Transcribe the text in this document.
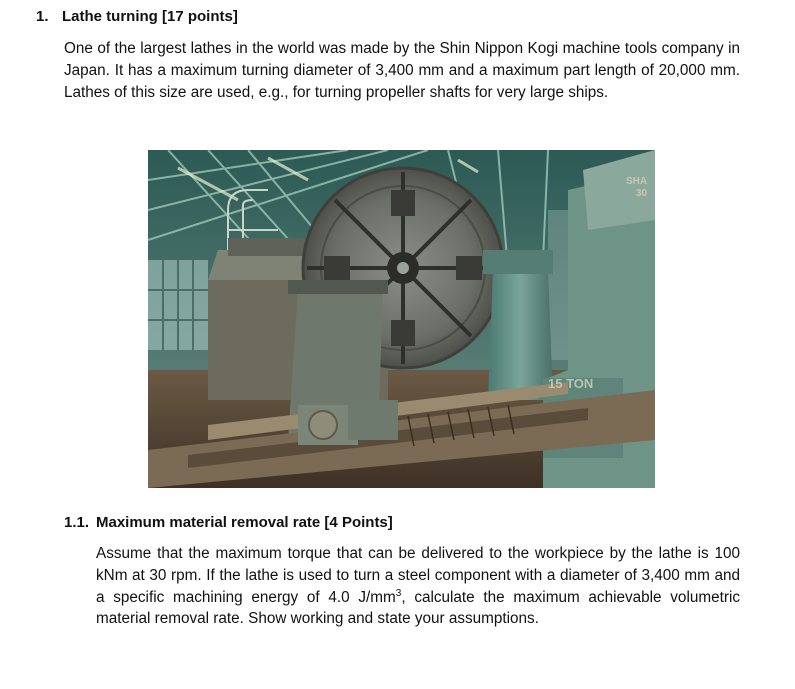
1. Lathe turning [17 points]
One of the largest lathes in the world was made by the Shin Nippon Kogi machine tools company in Japan. It has a maximum turning diameter of 3,400 mm and a maximum part length of 20,000 mm. Lathes of this size are used, e.g., for turning propeller shafts for very large ships.
15 TON
SHA
30
1.1. Maximum material removal rate [4 Points]
Assume that the maximum torque that can be delivered to the workpiece by the lathe is 100 kNm at 30 rpm. If the lathe is used to turn a steel component with a diameter of 3,400 mm and a specific machining energy of 4.0 $J/mm^3$, calculate the maximum achievable volumetric material removal rate. Show working and state your assumptions.
